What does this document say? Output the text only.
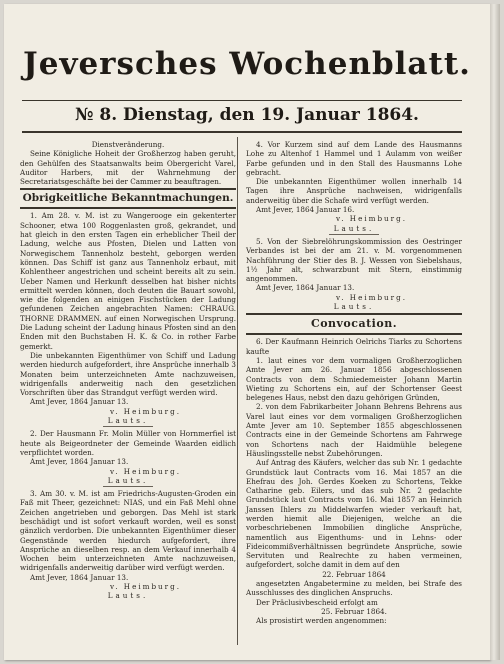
Jeversches Wochenblatt.
№ 8. Dienstag, den 19. Januar 1864.

Dienstveränderung.

Seine Königliche Hoheit der Großherzog haben geruht, den Gehülfen des Staatsanwalts beim Obergericht Varel, Auditor Harbers, mit der Wahrnehmung der Secretariatsgeschäfte bei der Cammer zu beauftragen.

Obrigkeitliche Bekanntmachungen.

1. Am 28. v. M. ist zu Wangerooge ein gekenterter Schooner, etwa 100 Roggenlasten groß, gekrandet, und hat gleich in den ersten Tagen ein erheblicher Theil der Ladung, welche aus Pfosten, Dielen und Latten von Norwegischem Tannenholz besteht, geborgen werden können. Das Schiff ist ganz aus Tannenholz erbaut, mit Kohlentheer angestrichen und scheint bereits alt zu sein. Ueber Namen und Herkunft desselben hat bisher nichts ermittelt werden können, doch deuten die Bauart sowohl, wie die folgenden an einigen Fischstücken der Ladung gefundenen Zeichen angebrachten Namen: CHRAUG. THORNE DRAMMEN. auf einen Norwegischen Ursprung. Die Ladung scheint der Ladung hinaus Pfosten sind an den Enden mit den Buchstaben H. K. & Co. in rother Farbe gemerkt.

Die unbekannten Eigenthümer von Schiff und Ladung werden hiedurch aufgefordert, ihre Ansprüche innerhalb 3 Monaten beim unterzeichneten Amte nachzuweisen, widrigenfalls anderweitig nach den gesetzlichen Vorschriften über das Strandgut verfügt werden wird.

Amt Jever, 1864 Januar 13.

v. Heimburg.

Lauts.

2. Der Hausmann Fr. Molin Müller von Hornmerfiel ist heute als Beigeordneter der Gemeinde Waarden eidlich verpflichtet worden.

Amt Jever, 1864 Januar 13.

v. Heimburg.

Lauts.

3. Am 30. v. M. ist am Friedrichs-Augusten-Groden ein Faß mit Theer, gezeichnet: NIAS, und ein Faß Mehl ohne Zeichen angetrieben und geborgen. Das Mehl ist stark beschädigt und ist sofort verkauft worden, weil es sonst gänzlich verdorben. Die unbekannten Eigenthümer dieser Gegenstände werden hiedurch aufgefordert, ihre Ansprüche an dieselben resp. an dem Verkauf innerhalb 4 Wochen beim unterzeichneten Amte nachzuweisen, widrigenfalls anderweitig darüber wird verfügt werden.

Amt Jever, 1864 Januar 13.

v. Heimburg.

Lauts.

4. Vor Kurzem sind auf dem Lande des Hausmanns Lohe zu Altenhof 1 Hammel und 1 Aulamm von weißer Farbe gefunden und in den Stall des Hausmanns Lohe gebracht.

Die unbekannten Eigenthümer wollen innerhalb 14 Tagen ihre Ansprüche nachweisen, widrigenfalls anderweitig über die Schafe wird verfügt werden.

Amt Jever, 1864 Januar 16.

v. Heimburg.

Lauts.

5. Von der Siebrelöhrungskommission des Oestringer Verbandes ist bei der am 21. v. M. vorgenommenen Nachführung der Stier des B. J. Wessen von Siebelshaus, 1½ Jahr alt, schwarzbunt mit Stern, einstimmig angenommen.

Amt Jever, 1864 Januar 13.

v. Heimburg.

Lauts.

Convocation.

6. Der Kaufmann Heinrich Oelrichs Tiarks zu Schortens kaufte

1. laut eines vor dem vormaligen Großherzoglichen Amte Jever am 26. Januar 1856 abgeschlossenen Contracts von dem Schmiedemeister Johann Martin Wieting zu Schortens ein, auf der Schortenser Geest belegenes Haus, nebst den dazu gehörigen Gründen,

2. von dem Fabrikarbeiter Johann Behrens Behrens aus Varel laut eines vor dem vormaligen Großherzoglichen Amte Jever am 10. September 1855 abgeschlossenen Contracts eine in der Gemeinde Schortens am Fahrwege von Schortens nach der Haidmühle belegene Häuslingsstelle nebst Zubehörungen.

Auf Antrag des Käufers, welcher das sub Nr. 1 gedachte Grundstück laut Contracts vom 16. Mai 1857 an die Ehefrau des Joh. Gerdes Koeken zu Schortens, Tekke Catharine geb. Eilers, und das sub Nr. 2 gedachte Grundstück laut Contracts vom 16. Mai 1857 an Heinrich Janssen Ihlers zu Middelwarfen wieder verkauft hat, werden hiemit alle Diejenigen, welche an die vorbeschriebenen Immobilien dingliche Ansprüche, namentlich aus Eigenthums- und in Lehns- oder Fideicommißverhältnissen begründete Ansprüche, sowie Servituten und Realrechte zu haben vermeinen, aufgefordert, solche damit in dem auf den

22. Februar 1864

angesetzten Angabetermine zu melden, bei Strafe des Ausschlusses des dinglichen Anspruchs.

Der Präclusivbescheid erfolgt am

25. Februar 1864.

Als prosistirt werden angenommen:
